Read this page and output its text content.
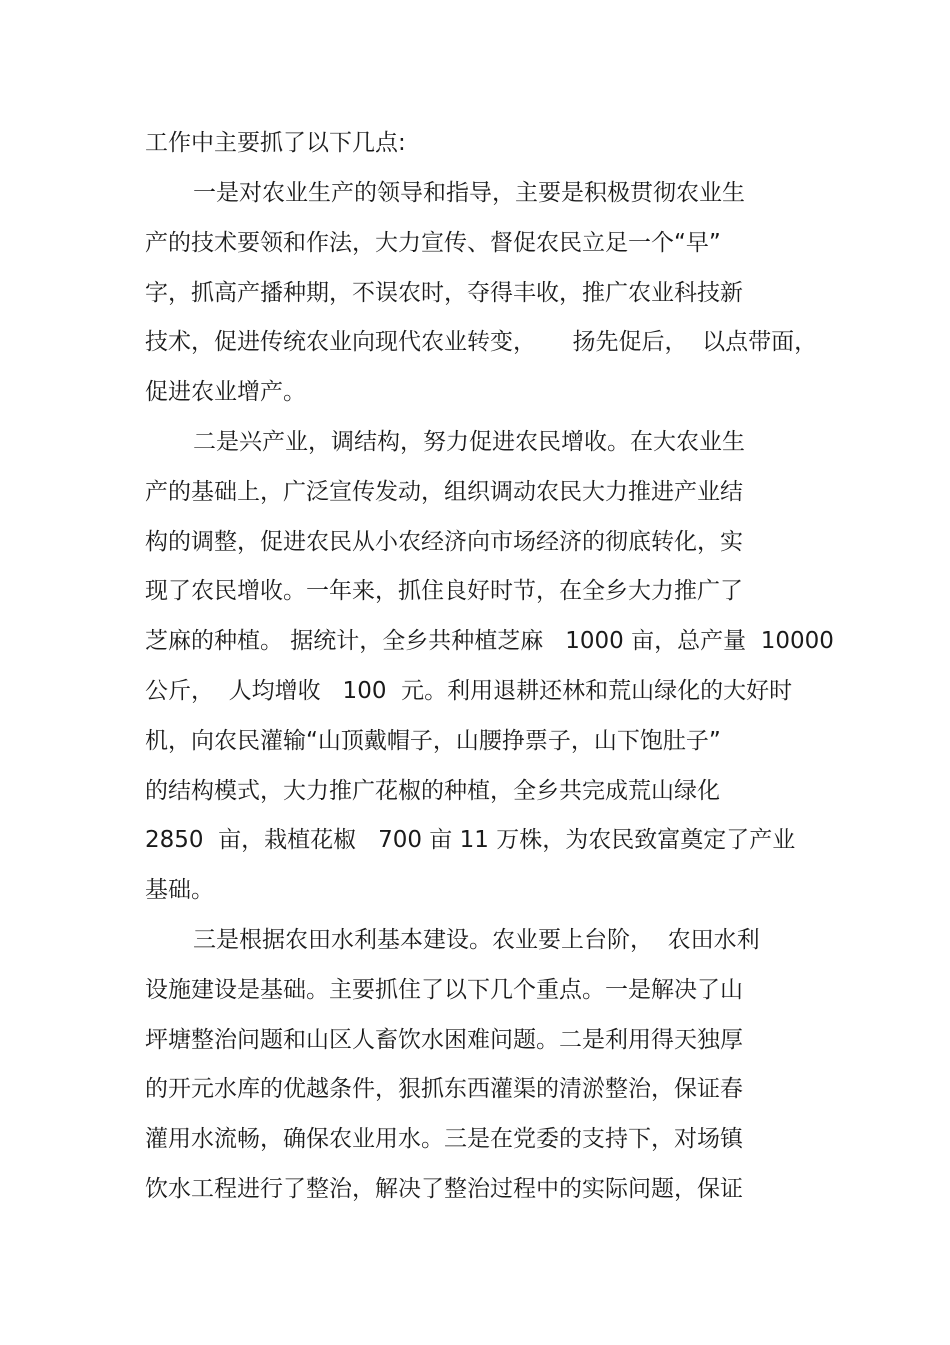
工作中主要抓了以下几点:

一是对农业生产的领导和指导，主要是积极贯彻农业生

产的技术要领和作法，大力宣传、督促农民立足一个“早”

字，抓高产播种期，不误农时，夺得丰收，推广农业科技新

技术，促进传统农业向现代农业转变，     扬先促后，  以点带面，

促进农业增产。

二是兴产业，调结构，努力促进农民增收。在大农业生

产的基础上，广泛宣传发动，组织调动农民大力推进产业结

构的调整，促进农民从小农经济向市场经济的彻底转化，实

现了农民增收。一年来，抓住良好时节，在全乡大力推广了

芝麻的种植。 据统计，全乡共种植芝麻   1000 亩，总产量  10000

公斤，  人均增收   100  元。利用退耕还林和荒山绿化的大好时

机，向农民灌输“山顶戴帽子，山腰挣票子，山下饱肚子”

的结构模式，大力推广花椒的种植，全乡共完成荒山绿化

2850  亩，栽植花椒   700 亩 11 万株，为农民致富奠定了产业

基础。

三是根据农田水利基本建设。农业要上台阶，  农田水利

设施建设是基础。主要抓住了以下几个重点。一是解决了山

坪塘整治问题和山区人畜饮水困难问题。二是利用得天独厚

的开元水库的优越条件，狠抓东西灌渠的清淤整治，保证春

灌用水流畅，确保农业用水。三是在党委的支持下，对场镇

饮水工程进行了整治，解决了整治过程中的实际问题，保证
